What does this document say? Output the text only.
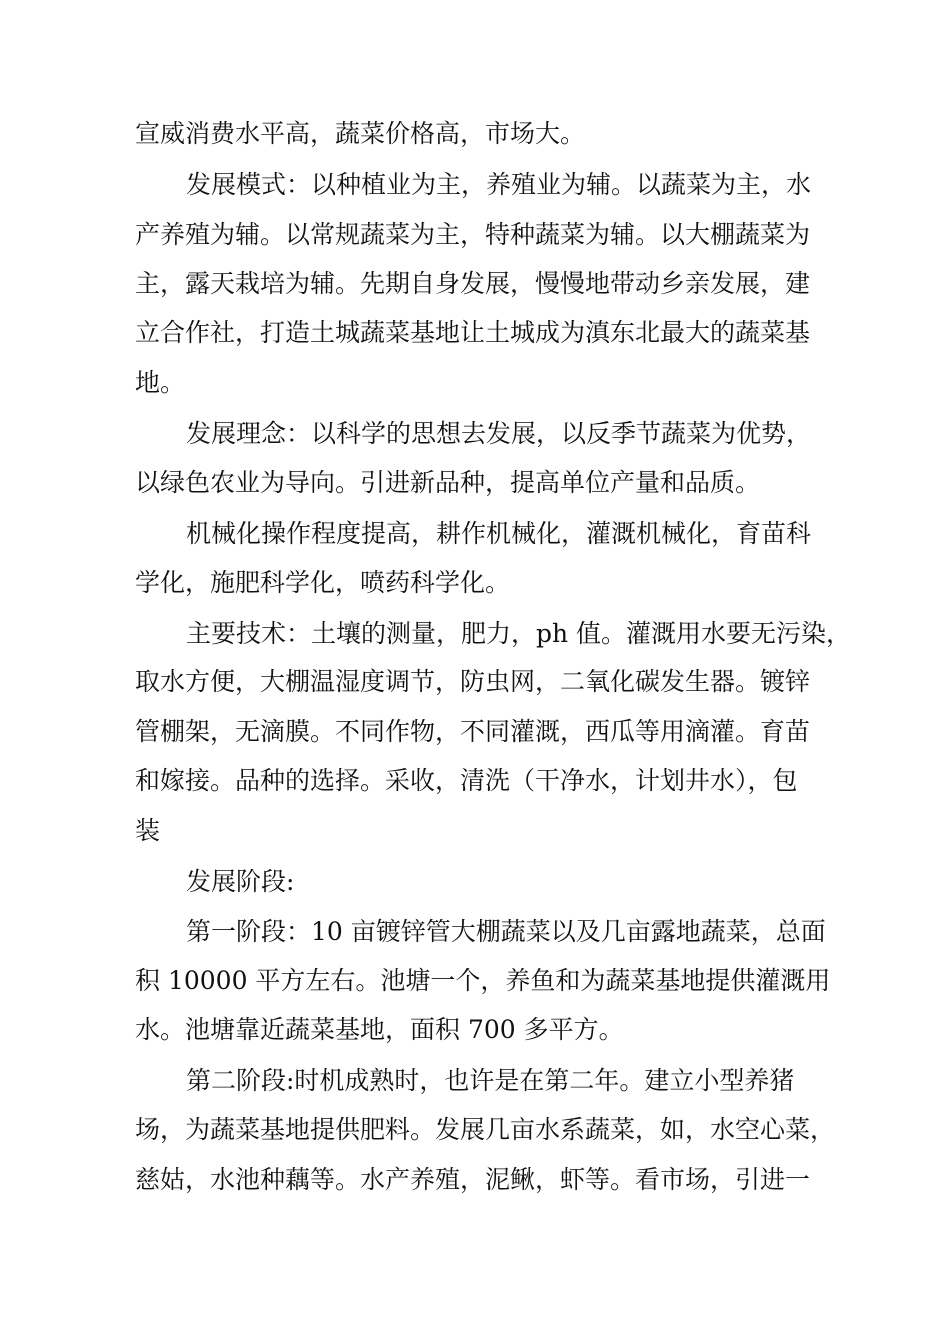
宣威消费水平高，蔬菜价格高，市场大。
发展模式：以种植业为主，养殖业为辅。以蔬菜为主，水
产养殖为辅。以常规蔬菜为主，特种蔬菜为辅。以大棚蔬菜为
主，露天栽培为辅。先期自身发展，慢慢地带动乡亲发展，建
立合作社，打造土城蔬菜基地让土城成为滇东北最大的蔬菜基
地。
发展理念：以科学的思想去发展，以反季节蔬菜为优势，
以绿色农业为导向。引进新品种，提高单位产量和品质。
机械化操作程度提高，耕作机械化，灌溉机械化，育苗科
学化，施肥科学化，喷药科学化。
主要技术：土壤的测量，肥力，ph 值。灌溉用水要无污染，
取水方便，大棚温湿度调节，防虫网，二氧化碳发生器。镀锌
管棚架，无滴膜。不同作物，不同灌溉，西瓜等用滴灌。育苗
和嫁接。品种的选择。采收，清洗（干净水，计划井水），包
装
发展阶段:
第一阶段：10 亩镀锌管大棚蔬菜以及几亩露地蔬菜，总面
积 10000 平方左右。池塘一个，养鱼和为蔬菜基地提供灌溉用
水。池塘靠近蔬菜基地，面积 700 多平方。
第二阶段:时机成熟时，也许是在第二年。建立小型养猪
场，为蔬菜基地提供肥料。发展几亩水系蔬菜，如，水空心菜，
慈姑，水池种藕等。水产养殖，泥鳅，虾等。看市场，引进一
